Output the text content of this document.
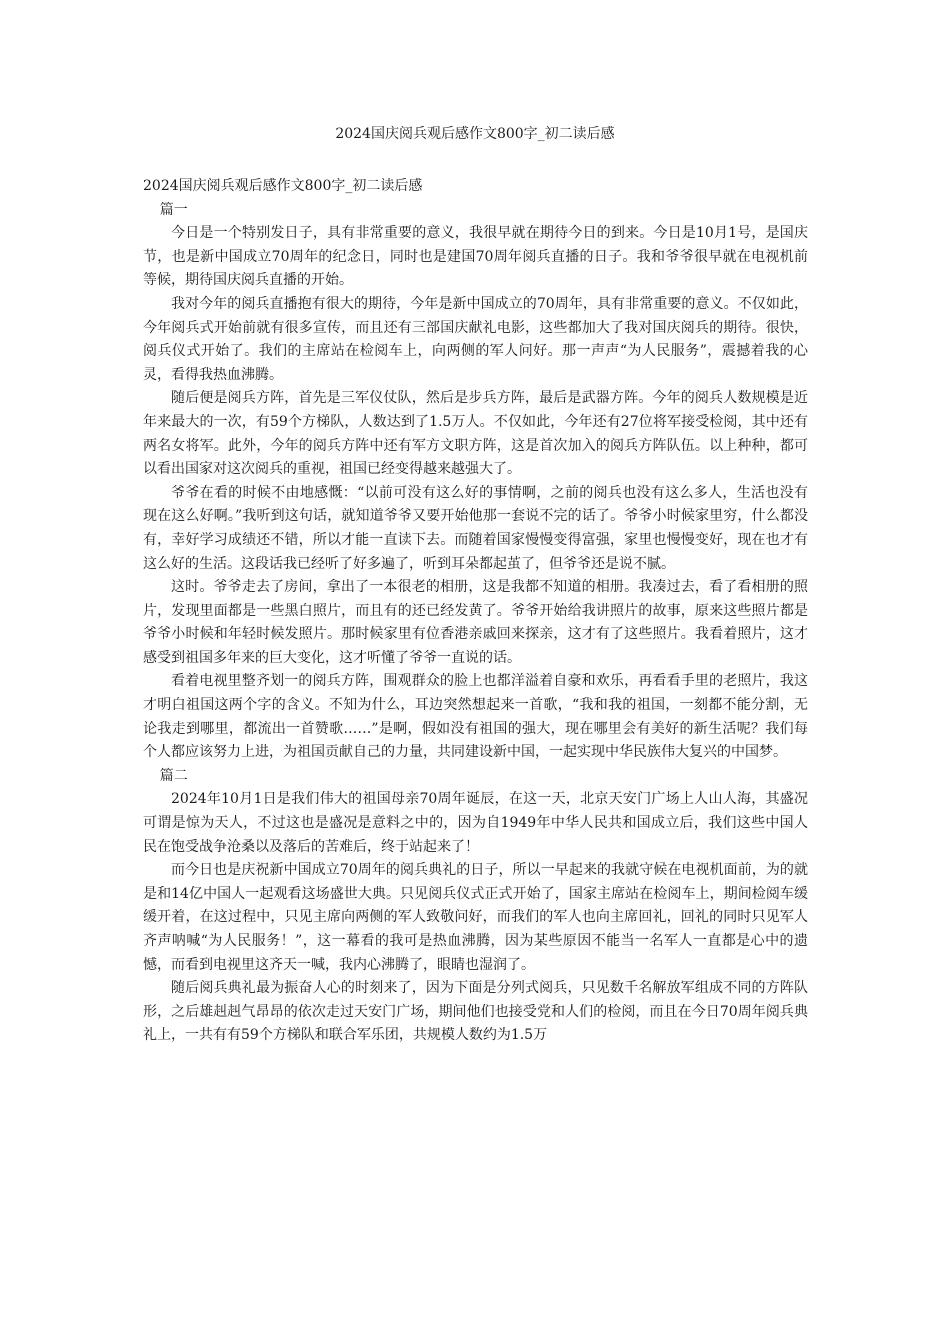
2024国庆阅兵观后感作文800字_初二读后感

2024国庆阅兵观后感作文800字_初二读后感

篇一

今日是一个特别发日子，具有非常重要的意义，我很早就在期待今日的到来。今日是10月1号，是国庆节，也是新中国成立70周年的纪念日，同时也是建国70周年阅兵直播的日子。我和爷爷很早就在电视机前等候，期待国庆阅兵直播的开始。

我对今年的阅兵直播抱有很大的期待，今年是新中国成立的70周年，具有非常重要的意义。不仅如此，今年阅兵式开始前就有很多宣传，而且还有三部国庆献礼电影，这些都加大了我对国庆阅兵的期待。很快，阅兵仪式开始了。我们的主席站在检阅车上，向两侧的军人问好。那一声声“为人民服务”，震撼着我的心灵，看得我热血沸腾。

随后便是阅兵方阵，首先是三军仪仗队，然后是步兵方阵，最后是武器方阵。今年的阅兵人数规模是近年来最大的一次，有59个方梯队，人数达到了1.5万人。不仅如此，今年还有27位将军接受检阅，其中还有两名女将军。此外，今年的阅兵方阵中还有军方文职方阵，这是首次加入的阅兵方阵队伍。以上种种，都可以看出国家对这次阅兵的重视，祖国已经变得越来越强大了。

爷爷在看的时候不由地感慨：“以前可没有这么好的事情啊，之前的阅兵也没有这么多人，生活也没有现在这么好啊。”我听到这句话，就知道爷爷又要开始他那一套说不完的话了。爷爷小时候家里穷，什么都没有，幸好学习成绩还不错，所以才能一直读下去。而随着国家慢慢变得富强，家里也慢慢变好，现在也才有这么好的生活。这段话我已经听了好多遍了，听到耳朵都起茧了，但爷爷还是说不腻。

这时。爷爷走去了房间，拿出了一本很老的相册，这是我都不知道的相册。我凑过去，看了看相册的照片，发现里面都是一些黑白照片，而且有的还已经发黄了。爷爷开始给我讲照片的故事，原来这些照片都是爷爷小时候和年轻时候发照片。那时候家里有位香港亲戚回来探亲，这才有了这些照片。我看着照片，这才感受到祖国多年来的巨大变化，这才听懂了爷爷一直说的话。

看着电视里整齐划一的阅兵方阵，围观群众的脸上也都洋溢着自豪和欢乐，再看看手里的老照片，我这才明白祖国这两个字的含义。不知为什么，耳边突然想起来一首歌，“我和我的祖国，一刻都不能分割，无论我走到哪里，都流出一首赞歌……”是啊，假如没有祖国的强大，现在哪里会有美好的新生活呢？我们每个人都应该努力上进，为祖国贡献自己的力量，共同建设新中国，一起实现中华民族伟大复兴的中国梦。

篇二

2024年10月1日是我们伟大的祖国母亲70周年诞辰，在这一天，北京天安门广场上人山人海，其盛况可谓是惊为天人，不过这也是盛况是意料之中的，因为自1949年中华人民共和国成立后，我们这些中国人民在饱受战争沧桑以及落后的苦难后，终于站起来了！

而今日也是庆祝新中国成立70周年的阅兵典礼的日子，所以一早起来的我就守候在电视机面前，为的就是和14亿中国人一起观看这场盛世大典。只见阅兵仪式正式开始了，国家主席站在检阅车上，期间检阅车缓缓开着，在这过程中，只见主席向两侧的军人致敬问好，而我们的军人也向主席回礼，回礼的同时只见军人齐声呐喊“为人民服务！”，这一幕看的我可是热血沸腾，因为某些原因不能当一名军人一直都是心中的遗憾，而看到电视里这齐天一喊，我内心沸腾了，眼睛也湿润了。

随后阅兵典礼最为振奋人心的时刻来了，因为下面是分列式阅兵，只见数千名解放军组成不同的方阵队形，之后雄赳赳气昂昂的依次走过天安门广场，期间他们也接受党和人们的检阅，而且在今日70周年阅兵典礼上，一共有有59个方梯队和联合军乐团，共规模人数约为1.5万
